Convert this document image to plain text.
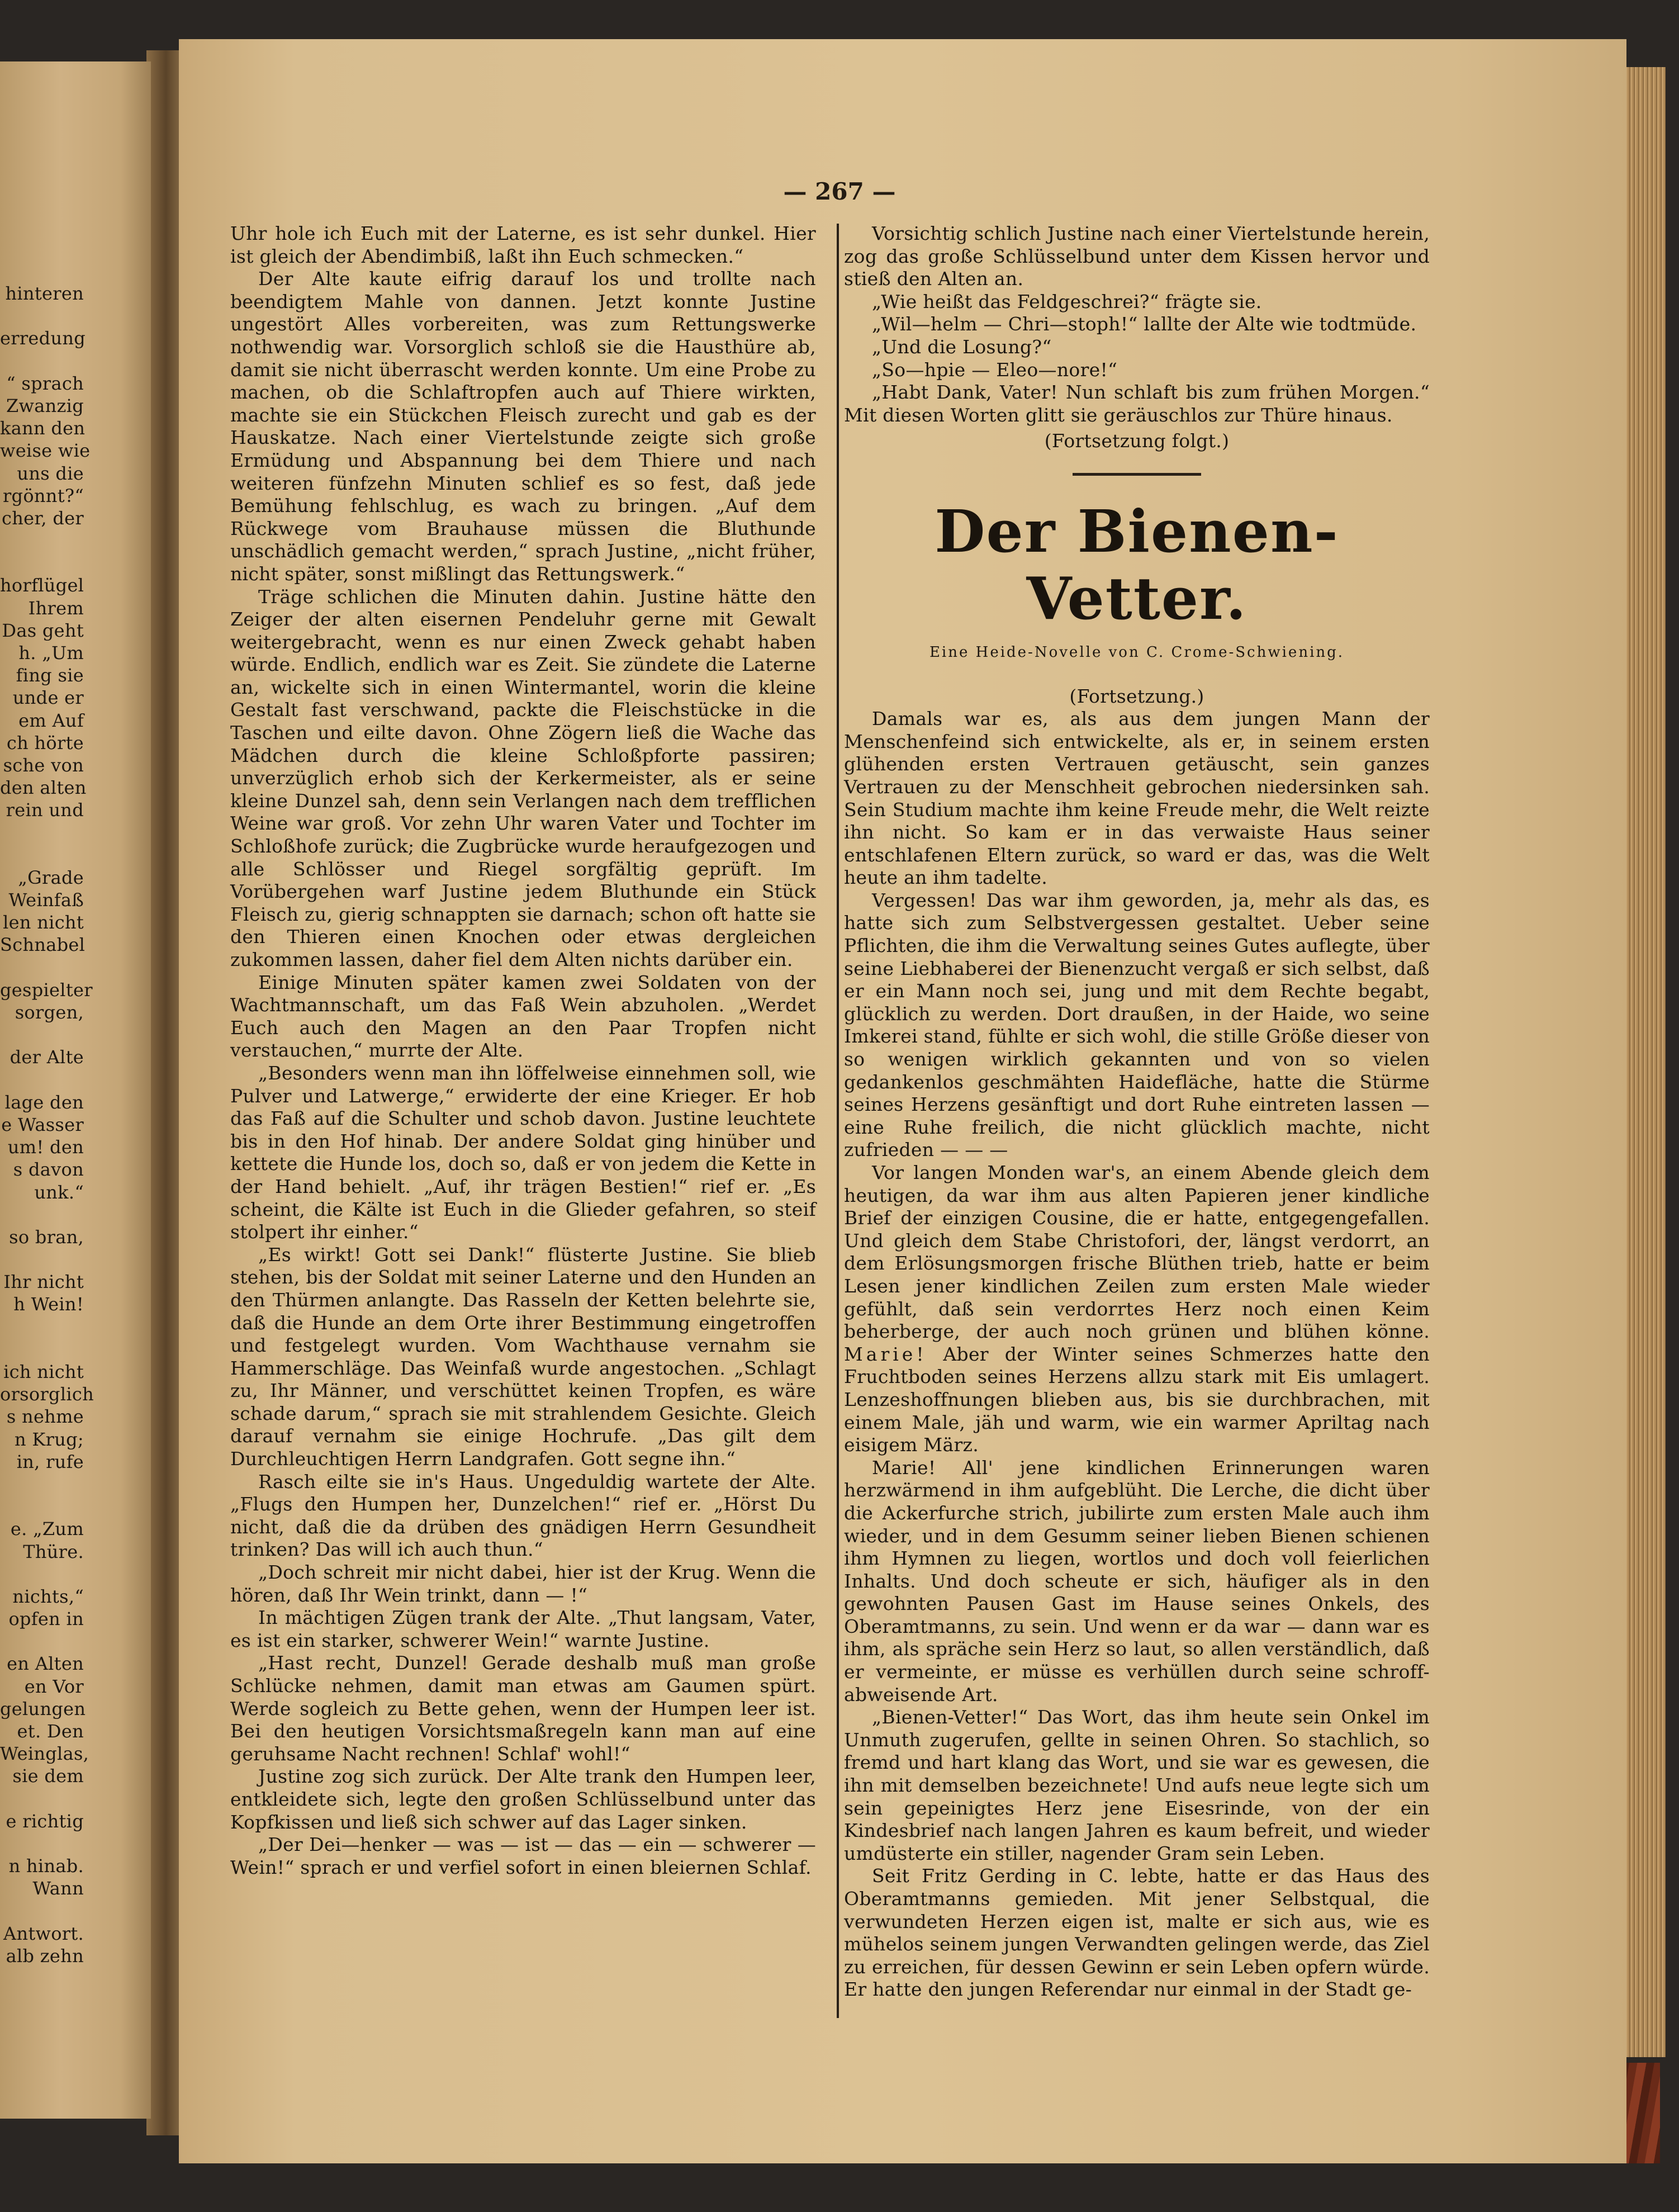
hinteren

erredung

“ sprach
Zwanzig
kann den
weise wie
uns die
rgönnt?“
cher, der

horflügel
Ihrem
Das geht
h. „Um
fing sie
unde er
em Auf
ch hörte
sche von
den alten
rein und

„Grade
Weinfaß
len nicht
Schnabel

gespielter
sorgen,

der Alte

lage den
e Wasser
um! den
s davon
unk.“

so bran,

Ihr nicht
h Wein!

ich nicht
orsorglich
s nehme
n Krug;
in, rufe

e. „Zum
Thüre.

nichts,“
opfen in

en Alten
en Vor
gelungen
et. Den
Weinglas,
sie dem

e richtig

n hinab.
Wann

Antwort.
alb zehn
— 267 —

Uhr hole ich Euch mit der Laterne, es ist sehr dunkel. Hier ist gleich der Abendimbiß, laßt ihn Euch schmecken.“

Der Alte kaute eifrig darauf los und trollte nach beendigtem Mahle von dannen. Jetzt konnte Justine ungestört Alles vorbereiten, was zum Rettungswerke nothwendig war. Vorsorglich schloß sie die Hausthüre ab, damit sie nicht überrascht werden konnte. Um eine Probe zu machen, ob die Schlaftropfen auch auf Thiere wirkten, machte sie ein Stückchen Fleisch zurecht und gab es der Hauskatze. Nach einer Viertelstunde zeigte sich große Ermüdung und Abspannung bei dem Thiere und nach weiteren fünfzehn Minuten schlief es so fest, daß jede Bemühung fehlschlug, es wach zu bringen. „Auf dem Rückwege vom Brauhause müssen die Bluthunde unschädlich gemacht werden,“ sprach Justine, „nicht früher, nicht später, sonst mißlingt das Rettungswerk.“

Träge schlichen die Minuten dahin. Justine hätte den Zeiger der alten eisernen Pendeluhr gerne mit Gewalt weitergebracht, wenn es nur einen Zweck gehabt haben würde. Endlich, endlich war es Zeit. Sie zündete die Laterne an, wickelte sich in einen Wintermantel, worin die kleine Gestalt fast verschwand, packte die Fleischstücke in die Taschen und eilte davon. Ohne Zögern ließ die Wache das Mädchen durch die kleine Schloßpforte passiren; unverzüglich erhob sich der Kerkermeister, als er seine kleine Dunzel sah, denn sein Verlangen nach dem trefflichen Weine war groß. Vor zehn Uhr waren Vater und Tochter im Schloßhofe zurück; die Zugbrücke wurde heraufgezogen und alle Schlösser und Riegel sorgfältig geprüft. Im Vorübergehen warf Justine jedem Bluthunde ein Stück Fleisch zu, gierig schnappten sie darnach; schon oft hatte sie den Thieren einen Knochen oder etwas dergleichen zukommen lassen, daher fiel dem Alten nichts darüber ein.

Einige Minuten später kamen zwei Soldaten von der Wachtmannschaft, um das Faß Wein abzuholen. „Werdet Euch auch den Magen an den Paar Tropfen nicht verstauchen,“ murrte der Alte.

„Besonders wenn man ihn löffelweise einnehmen soll, wie Pulver und Latwerge,“ erwiderte der eine Krieger. Er hob das Faß auf die Schulter und schob davon. Justine leuchtete bis in den Hof hinab. Der andere Soldat ging hinüber und kettete die Hunde los, doch so, daß er von jedem die Kette in der Hand behielt. „Auf, ihr trägen Bestien!“ rief er. „Es scheint, die Kälte ist Euch in die Glieder gefahren, so steif stolpert ihr einher.“

„Es wirkt! Gott sei Dank!“ flüsterte Justine. Sie blieb stehen, bis der Soldat mit seiner Laterne und den Hunden an den Thürmen anlangte. Das Rasseln der Ketten belehrte sie, daß die Hunde an dem Orte ihrer Bestimmung eingetroffen und festgelegt wurden. Vom Wachthause vernahm sie Hammerschläge. Das Weinfaß wurde angestochen. „Schlagt zu, Ihr Männer, und verschüttet keinen Tropfen, es wäre schade darum,“ sprach sie mit strahlendem Gesichte. Gleich darauf vernahm sie einige Hochrufe. „Das gilt dem Durchleuchtigen Herrn Landgrafen. Gott segne ihn.“

Rasch eilte sie in's Haus. Ungeduldig wartete der Alte. „Flugs den Humpen her, Dunzelchen!“ rief er. „Hörst Du nicht, daß die da drüben des gnädigen Herrn Gesundheit trinken? Das will ich auch thun.“

„Doch schreit mir nicht dabei, hier ist der Krug. Wenn die hören, daß Ihr Wein trinkt, dann — !“

In mächtigen Zügen trank der Alte. „Thut langsam, Vater, es ist ein starker, schwerer Wein!“ warnte Justine.

„Hast recht, Dunzel! Gerade deshalb muß man große Schlücke nehmen, damit man etwas am Gaumen spürt. Werde sogleich zu Bette gehen, wenn der Humpen leer ist. Bei den heutigen Vorsichtsmaßregeln kann man auf eine geruhsame Nacht rechnen! Schlaf' wohl!“

Justine zog sich zurück. Der Alte trank den Humpen leer, entkleidete sich, legte den großen Schlüsselbund unter das Kopfkissen und ließ sich schwer auf das Lager sinken.

„Der Dei—henker — was — ist — das — ein — schwerer — Wein!“ sprach er und verfiel sofort in einen bleiernen Schlaf.

Vorsichtig schlich Justine nach einer Viertelstunde herein, zog das große Schlüsselbund unter dem Kissen hervor und stieß den Alten an.

„Wie heißt das Feldgeschrei?“ frägte sie.

„Wil—helm — Chri—stoph!“ lallte der Alte wie todtmüde.

„Und die Losung?“

„So—hpie — Eleo—nore!“

„Habt Dank, Vater! Nun schlaft bis zum frühen Morgen.“ Mit diesen Worten glitt sie geräuschlos zur Thüre hinaus.

(Fortsetzung folgt.)

Der Bienen-Vetter.
Eine Heide-Novelle von C. Crome-Schwiening.

(Fortsetzung.)

Damals war es, als aus dem jungen Mann der Menschenfeind sich entwickelte, als er, in seinem ersten glühenden ersten Vertrauen getäuscht, sein ganzes Vertrauen zu der Menschheit gebrochen niedersinken sah. Sein Studium machte ihm keine Freude mehr, die Welt reizte ihn nicht. So kam er in das verwaiste Haus seiner entschlafenen Eltern zurück, so ward er das, was die Welt heute an ihm tadelte.

Vergessen! Das war ihm geworden, ja, mehr als das, es hatte sich zum Selbstvergessen gestaltet. Ueber seine Pflichten, die ihm die Verwaltung seines Gutes auflegte, über seine Liebhaberei der Bienenzucht vergaß er sich selbst, daß er ein Mann noch sei, jung und mit dem Rechte begabt, glücklich zu werden. Dort draußen, in der Haide, wo seine Imkerei stand, fühlte er sich wohl, die stille Größe dieser von so wenigen wirklich gekannten und von so vielen gedankenlos geschmähten Haidefläche, hatte die Stürme seines Herzens gesänftigt und dort Ruhe eintreten lassen — eine Ruhe freilich, die nicht glücklich machte, nicht zufrieden — — —

Vor langen Monden war's, an einem Abende gleich dem heutigen, da war ihm aus alten Papieren jener kindliche Brief der einzigen Cousine, die er hatte, entgegengefallen. Und gleich dem Stabe Christofori, der, längst verdorrt, an dem Erlösungsmorgen frische Blüthen trieb, hatte er beim Lesen jener kindlichen Zeilen zum ersten Male wieder gefühlt, daß sein verdorrtes Herz noch einen Keim beherberge, der auch noch grünen und blühen könne. Marie! Aber der Winter seines Schmerzes hatte den Fruchtboden seines Herzens allzu stark mit Eis umlagert. Lenzeshoffnungen blieben aus, bis sie durchbrachen, mit einem Male, jäh und warm, wie ein warmer Apriltag nach eisigem März.

Marie! All' jene kindlichen Erinnerungen waren herzwärmend in ihm aufgeblüht. Die Lerche, die dicht über die Ackerfurche strich, jubilirte zum ersten Male auch ihm wieder, und in dem Gesumm seiner lieben Bienen schienen ihm Hymnen zu liegen, wortlos und doch voll feierlichen Inhalts. Und doch scheute er sich, häufiger als in den gewohnten Pausen Gast im Hause seines Onkels, des Oberamtmanns, zu sein. Und wenn er da war — dann war es ihm, als spräche sein Herz so laut, so allen verständlich, daß er vermeinte, er müsse es verhüllen durch seine schroff-abweisende Art.

„Bienen-Vetter!“ Das Wort, das ihm heute sein Onkel im Unmuth zugerufen, gellte in seinen Ohren. So stachlich, so fremd und hart klang das Wort, und sie war es gewesen, die ihn mit demselben bezeichnete! Und aufs neue legte sich um sein gepeinigtes Herz jene Eisesrinde, von der ein Kindesbrief nach langen Jahren es kaum befreit, und wieder umdüsterte ein stiller, nagender Gram sein Leben.

Seit Fritz Gerding in C. lebte, hatte er das Haus des Oberamtmanns gemieden. Mit jener Selbstqual, die verwundeten Herzen eigen ist, malte er sich aus, wie es mühelos seinem jungen Verwandten gelingen werde, das Ziel zu erreichen, für dessen Gewinn er sein Leben opfern würde. Er hatte den jungen Referendar nur einmal in der Stadt ge-
